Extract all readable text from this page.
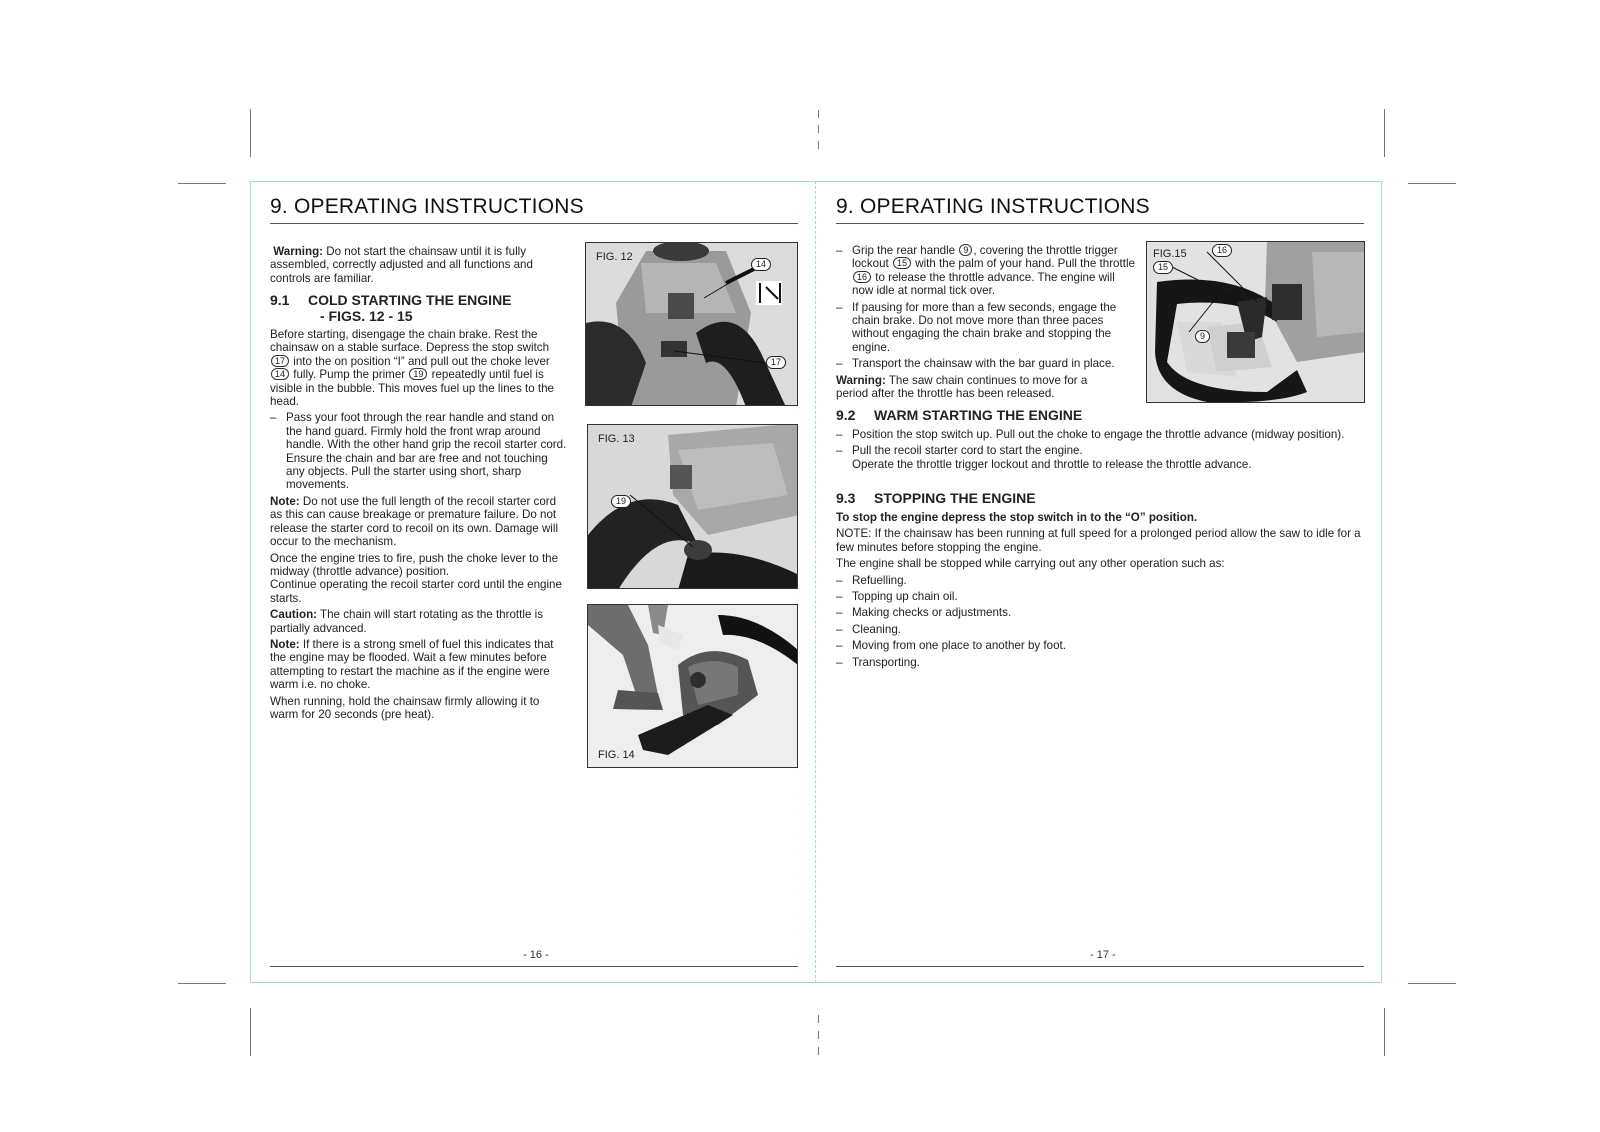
9. OPERATING INSTRUCTIONS

Warning: Do not start the chainsaw until it is fully assembled, correctly adjusted and all functions and controls are familiar.

9.1 COLD STARTING THE ENGINE
- FIGS. 12 - 15

Before starting, disengage the chain brake. Rest the chainsaw on a stable surface. Depress the stop switch 17 into the on position “I” and pull out the choke lever 14 fully. Pump the primer 19 repeatedly until fuel is visible in the bubble. This moves fuel up the lines to the head.

– Pass your foot through the rear handle and stand on the hand guard. Firmly hold the front wrap around handle. With the other hand grip the recoil starter cord. Ensure the chain and bar are free and not touching any objects. Pull the starter using short, sharp movements.

Note: Do not use the full length of the recoil starter cord as this can cause breakage or premature failure. Do not release the starter cord to recoil on its own. Damage will occur to the mechanism.

Once the engine tries to fire, push the choke lever to the midway (throttle advance) position.

Continue operating the recoil starter cord until the engine starts.

Caution: The chain will start rotating as the throttle is partially advanced.

Note: If there is a strong smell of fuel this indicates that the engine may be flooded. Wait a few minutes before attempting to restart the machine as if the engine were warm i.e. no choke.

When running, hold the chainsaw firmly allowing it to warm for 20 seconds (pre heat).

FIG. 12
14
17
FIG. 13
19
FIG. 14
- 16 -
9. OPERATING INSTRUCTIONS

– Grip the rear handle 9 , covering the throttle trigger lockout 15 with the palm of your hand. Pull the throttle 16 to release the throttle advance. The engine will now idle at normal tick over.

– If pausing for more than a few seconds, engage the chain brake. Do not move more than three paces without engaging the chain brake and stopping the engine.

– Transport the chainsaw with the bar guard in place.

Warning: The saw chain continues to move for a period after the throttle has been released.

FIG.15	16
15
9
9.2 WARM STARTING THE ENGINE

– Position the stop switch up. Pull out the choke to engage the throttle advance (midway position).

– Pull the recoil starter cord to start the engine.
Operate the throttle trigger lockout and throttle to release the throttle advance.

9.3 STOPPING THE ENGINE

To stop the engine depress the stop switch in to the “O” position.

NOTE: If the chainsaw has been running at full speed for a prolonged period allow the saw to idle for a few minutes before stopping the engine.

The engine shall be stopped while carrying out any other operation such as:

– Refuelling.

– Topping up chain oil.

– Making checks or adjustments.

– Cleaning.

– Moving from one place to another by foot.

– Transporting.

- 17 -
